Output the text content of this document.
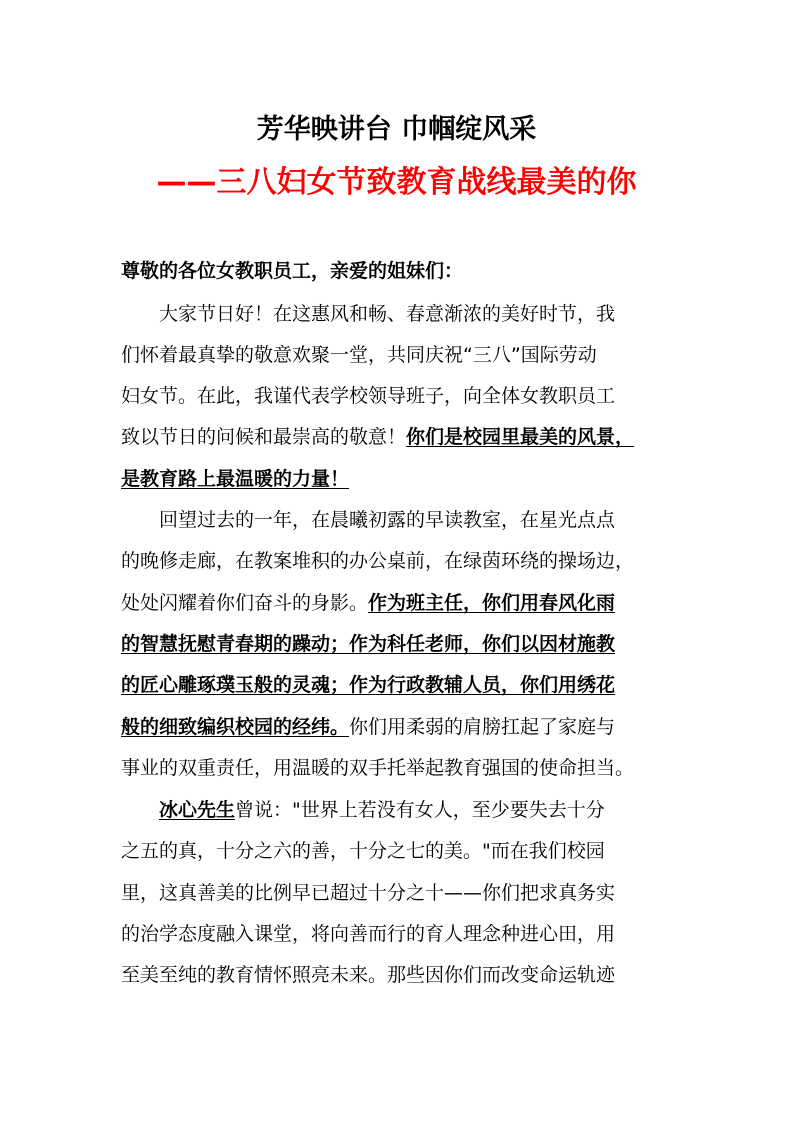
芳华映讲台 巾帼绽风采
——三八妇女节致教育战线最美的你
尊敬的各位女教职员工，亲爱的姐妹们：
　　大家节日好！在这惠风和畅、春意渐浓的美好时节，我
们怀着最真挚的敬意欢聚一堂，共同庆祝“三八”国际劳动
妇女节。在此，我谨代表学校领导班子，向全体女教职员工
致以节日的问候和最崇高的敬意！你们是校园里最美的风景，
是教育路上最温暖的力量！
　　回望过去的一年，在晨曦初露的早读教室，在星光点点
的晚修走廊，在教案堆积的办公桌前，在绿茵环绕的操场边，
处处闪耀着你们奋斗的身影。作为班主任，你们用春风化雨
的智慧抚慰青春期的躁动；作为科任老师，你们以因材施教
的匠心雕琢璞玉般的灵魂；作为行政教辅人员，你们用绣花
般的细致编织校园的经纬。你们用柔弱的肩膀扛起了家庭与
事业的双重责任，用温暖的双手托举起教育强国的使命担当。
　　冰心先生曾说："世界上若没有女人，至少要失去十分
之五的真，十分之六的善，十分之七的美。"而在我们校园
里，这真善美的比例早已超过十分之十——你们把求真务实
的治学态度融入课堂，将向善而行的育人理念种进心田，用
至美至纯的教育情怀照亮未来。那些因你们而改变命运轨迹
